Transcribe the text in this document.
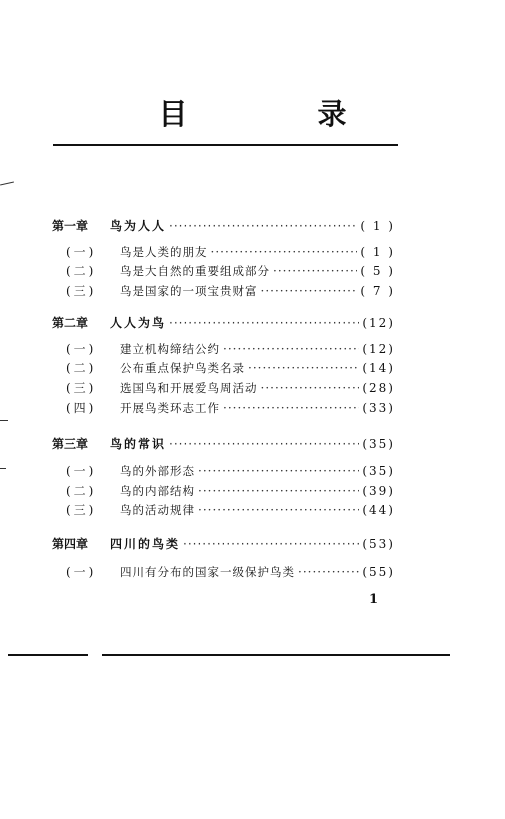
目 录
第一章	鸟为人人 ·····	( 1 )
(一)	鸟是人类的朋友 ·····	( 1 )
(二)	鸟是大自然的重要组成部分 ·····	( 5 )
(三)	鸟是国家的一项宝贵财富 ·····	( 7 )
第二章	人人为鸟 ·····	(12)
(一)	建立机构缔结公约 ·····	(12)
(二)	公布重点保护鸟类名录 ·····	(14)
(三)	选国鸟和开展爱鸟周活动 ·····	(28)
(四)	开展鸟类环志工作 ·····	(33)
第三章	鸟的常识 ·····	(35)
(一)	鸟的外部形态 ·····	(35)
(二)	鸟的内部结构 ·····	(39)
(三)	鸟的活动规律 ·····	(44)
第四章	四川的鸟类 ·····	(53)
(一)	四川有分布的国家一级保护鸟类 ·····	(55)
1
